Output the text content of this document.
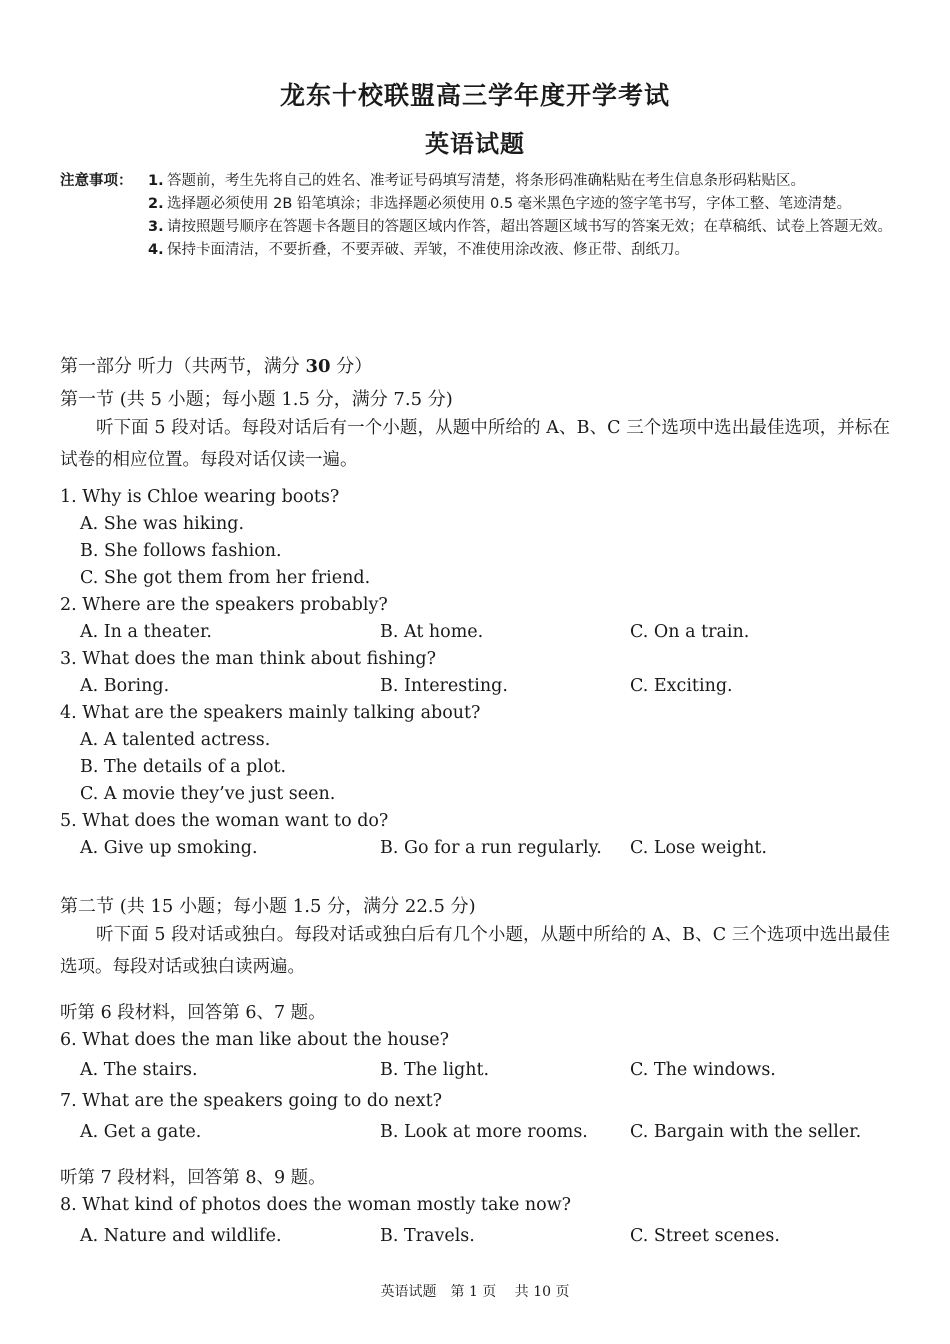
龙东十校联盟高三学年度开学考试
英语试题
注意事项： 1. 答题前，考生先将自己的姓名、准考证号码填写清楚，将条形码准确粘贴在考生信息条形码粘贴区。
2. 选择题必须使用 2B 铅笔填涂；非选择题必须使用 0.5 毫米黑色字迹的签字笔书写，字体工整、笔迹清楚。
3. 请按照题号顺序在答题卡各题目的答题区域内作答，超出答题区域书写的答案无效；在草稿纸、试卷上答题无效。
4. 保持卡面清洁，不要折叠，不要弄破、弄皱，不准使用涂改液、修正带、刮纸刀。
第一部分 听力（共两节，满分 30 分）
第一节 (共 5 小题；每小题 1.5 分，满分 7.5 分)
听下面 5 段对话。每段对话后有一个小题，从题中所给的 A、B、C 三个选项中选出最佳选项，并标在试卷的相应位置。每段对话仅读一遍。
1. Why is Chloe wearing boots?
A. She was hiking.
B. She follows fashion.
C. She got them from her friend.
2. Where are the speakers probably?
A. In a theater.	B. At home.	C. On a train.
3. What does the man think about fishing?
A. Boring.	B. Interesting.	C. Exciting.
4. What are the speakers mainly talking about?
A. A talented actress.
B. The details of a plot.
C. A movie they’ve just seen.
5. What does the woman want to do?
A. Give up smoking.	B. Go for a run regularly. C. Lose weight.
第二节 (共 15 小题；每小题 1.5 分，满分 22.5 分)
听下面 5 段对话或独白。每段对话或独白后有几个小题，从题中所给的 A、B、C 三个选项中选出最佳选项。每段对话或独白读两遍。
听第 6 段材料，回答第 6、7 题。
6. What does the man like about the house?
A. The stairs.	B. The light.	C. The windows.
7. What are the speakers going to do next?
A. Get a gate.	B. Look at more rooms. C. Bargain with the seller.
听第 7 段材料，回答第 8、9 题。
8. What kind of photos does the woman mostly take now?
A. Nature and wildlife.	B. Travels.	C. Street scenes.
英语试题　第 1 页　 共 10 页
